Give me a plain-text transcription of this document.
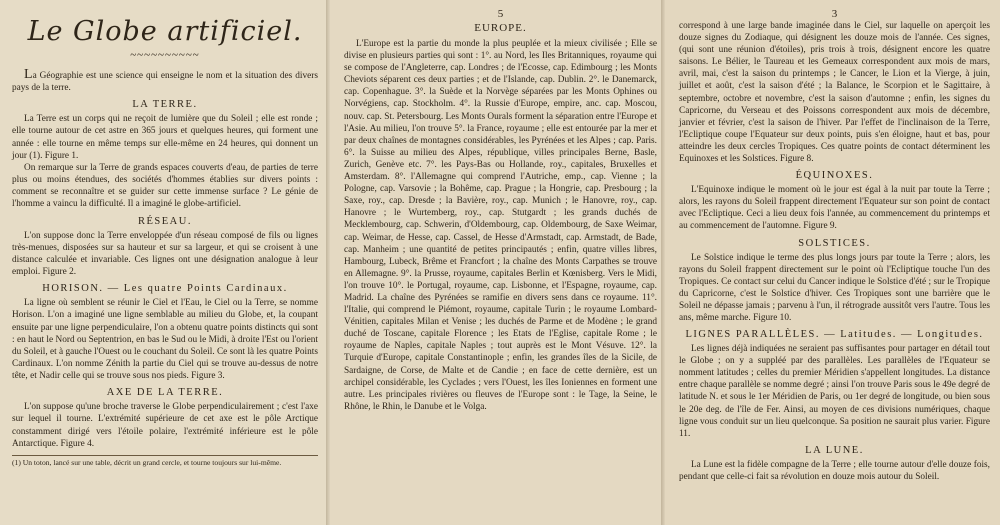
Le Globe artificiel.
~~~~~~~~~~

La Géographie est une science qui enseigne le nom et la situation des divers pays de la terre.

LA TERRE.

La Terre est un corps qui ne reçoit de lumière que du Soleil ; elle est ronde ; elle tourne autour de cet astre en 365 jours et quelques heures, qui forment une année : elle tourne en même temps sur elle-même en 24 heures, qui donnent un jour (1). Figure 1.

On remarque sur la Terre de grands espaces couverts d'eau, de parties de terre plus ou moins étendues, des sociétés d'hommes établies sur divers points : comment se reconnaître et se guider sur cette immense surface ? Le génie de l'homme a vaincu la difficulté. Il a imaginé le globe-artificiel.

RÉSEAU.

L'on suppose donc la Terre enveloppée d'un réseau composé de fils ou lignes très-menues, disposées sur sa hauteur et sur sa largeur, et qui se croisent à une distance calculée et invariable. Ces lignes ont une désignation analogue à leur emploi. Figure 2.

HORISON. — Les quatre Points Cardinaux.

La ligne où semblent se réunir le Ciel et l'Eau, le Ciel ou la Terre, se nomme Horison. L'on a imaginé une ligne semblable au milieu du Globe, et, la coupant ensuite par une ligne perpendiculaire, l'on a obtenu quatre points distincts qui sont : en haut le Nord ou Septentrion, en bas le Sud ou le Midi, à droite l'Est ou l'orient du Soleil, et à gauche l'Ouest ou le couchant du Soleil. Ce sont là les quatre Points Cardinaux. L'on nomme Zénith la partie du Ciel qui se trouve au-dessus de notre tête, et Nadir celle qui se trouve sous nos pieds. Figure 3.

AXE DE LA TERRE.

L'on suppose qu'une broche traverse le Globe perpendiculairement ; c'est l'axe sur lequel il tourne. L'extrémité supérieure de cet axe est le pôle Arctique constamment dirigé vers l'étoile polaire, l'extrémité inférieure est le pôle Antarctique. Figure 4.

(1) Un toton, lancé sur une table, décrit un grand cercle, et tourne toujours sur lui-même.

5
EUROPE.

L'Europe est la partie du monde la plus peuplée et la mieux civilisée ; Elle se divise en plusieurs parties qui sont : 1°. au Nord, les Iles Britanniques, royaume qui se compose de l'Angleterre, cap. Londres ; de l'Ecosse, cap. Edimbourg ; les Monts Cheviots séparent ces deux parties ; et de l'Islande, cap. Dublin. 2°. le Danemarck, cap. Copenhague. 3°. la Suède et la Norvège séparées par les Monts Ophines ou Norvégiens, cap. Stockholm. 4°. la Russie d'Europe, empire, anc. cap. Moscou, nouv. cap. St. Petersbourg. Les Monts Ourals forment la séparation entre l'Europe et l'Asie. Au milieu, l'on trouve 5°. la France, royaume ; elle est entourée par la mer et par deux chaînes de montagnes considérables, les Pyrénées et les Alpes ; cap. Paris. 6°. la Suisse au milieu des Alpes, république, villes principales Berne, Basle, Zurich, Genève etc. 7°. les Pays-Bas ou Hollande, roy., capitales, Bruxelles et Amsterdam. 8°. l'Allemagne qui comprend l'Autriche, emp., cap. Vienne ; la Pologne, cap. Varsovie ; la Bohême, cap. Prague ; la Hongrie, cap. Presbourg ; la Saxe, roy., cap. Dresde ; la Bavière, roy., cap. Munich ; le Hanovre, roy., cap. Hanovre ; le Wurtemberg, roy., cap. Stutgardt ; les grands duchés de Mecklembourg, cap. Schwerin, d'Oldembourg, cap. Oldembourg, de Saxe Weimar, cap. Weimar, de Hesse, cap. Cassel, de Hesse d'Armstadt, cap. Armstadt, de Bade, cap. Manheim ; une quantité de petites principautés ; enfin, quatre villes libres, Hambourg, Lubeck, Brême et Francfort ; la chaîne des Monts Carpathes se trouve en Allemagne. 9°. la Prusse, royaume, capitales Berlin et Kœnisberg. Vers le Midi, l'on trouve 10°. le Portugal, royaume, cap. Lisbonne, et l'Espagne, royaume, cap. Madrid. La chaîne des Pyrénées se ramifie en divers sens dans ce royaume. 11°. l'Italie, qui comprend le Piémont, royaume, capitale Turin ; le royaume Lombard-Vénitien, capitales Milan et Venise ; les duchés de Parme et de Modène ; le grand duché de Toscane, capitale Florence ; les Etats de l'Eglise, capitale Rome ; le royaume de Naples, capitale Naples ; tout auprès est le Mont Vésuve. 12°. la Turquie d'Europe, capitale Constantinople ; enfin, les grandes îles de la Sicile, de Sardaigne, de Corse, de Malte et de Candie ; en face de cette dernière, est un archipel considérable, les Cyclades ; vers l'Ouest, les îles Ioniennes en forment une autre. Les principales rivières ou fleuves de l'Europe sont : le Tage, la Seine, le Rhône, le Rhin, le Danube et le Volga.

3

correspond à une large bande imaginée dans le Ciel, sur laquelle on aperçoit les douze signes du Zodiaque, qui désignent les douze mois de l'année. Ces signes, (qui sont une réunion d'étoiles), pris trois à trois, désignent encore les quatre saisons. Le Bélier, le Taureau et les Gemeaux correspondent aux mois de mars, avril, mai, c'est la saison du printemps ; le Cancer, le Lion et la Vierge, à juin, juillet et août, c'est la saison d'été ; la Balance, le Scorpion et le Sagittaire, à septembre, octobre et novembre, c'est la saison d'automne ; enfin, les signes du Capricorne, du Verseau et des Poissons correspondent aux mois de décembre, janvier et février, c'est la saison de l'hiver. Par l'effet de l'inclinaison de la Terre, l'Ecliptique coupe l'Equateur sur deux points, puis s'en éloigne, haut et bas, pour atteindre les deux cercles Tropiques. Ces quatre points de contact déterminent les Equinoxes et les Solstices. Figure 8.

ÉQUINOXES.

L'Equinoxe indique le moment où le jour est égal à la nuit par toute la Terre ; alors, les rayons du Soleil frappent directement l'Equateur sur son point de contact avec l'Ecliptique. Ceci a lieu deux fois l'année, au commencement du printemps et au commencement de l'automne. Figure 9.

SOLSTICES.

Le Solstice indique le terme des plus longs jours par toute la Terre ; alors, les rayons du Soleil frappent directement sur le point où l'Ecliptique touche l'un des Tropiques. Ce contact sur celui du Cancer indique le Solstice d'été ; sur le Tropique du Capricorne, c'est le Solstice d'hiver. Ces Tropiques sont une barrière que le Soleil ne dépasse jamais ; parvenu à l'un, il rétrograde aussitôt vers l'autre. Tous les ans, même marche. Figure 10.

LIGNES PARALLÈLES. — Latitudes. — Longitudes.

Les lignes déjà indiquées ne seraient pas suffisantes pour partager en détail tout le Globe ; on y a suppléé par des parallèles. Les parallèles de l'Equateur se nomment latitudes ; celles du premier Méridien s'appellent longitudes. La distance entre chaque parallèle se nomme degré ; ainsi l'on trouve Paris sous le 49e degré de latitude N. et sous le 1er Méridien de Paris, ou 1er degré de longitude, ou bien sous le 20e deg. de l'île de Fer. Ainsi, au moyen de ces divisions numériques, chaque ligne vous conduit sur un lieu quelconque. Sa position ne saurait plus varier. Figure 11.

LA LUNE.

La Lune est la fidèle compagne de la Terre ; elle tourne autour d'elle douze fois, pendant que celle-ci fait sa révolution en douze mois autour du Soleil.
